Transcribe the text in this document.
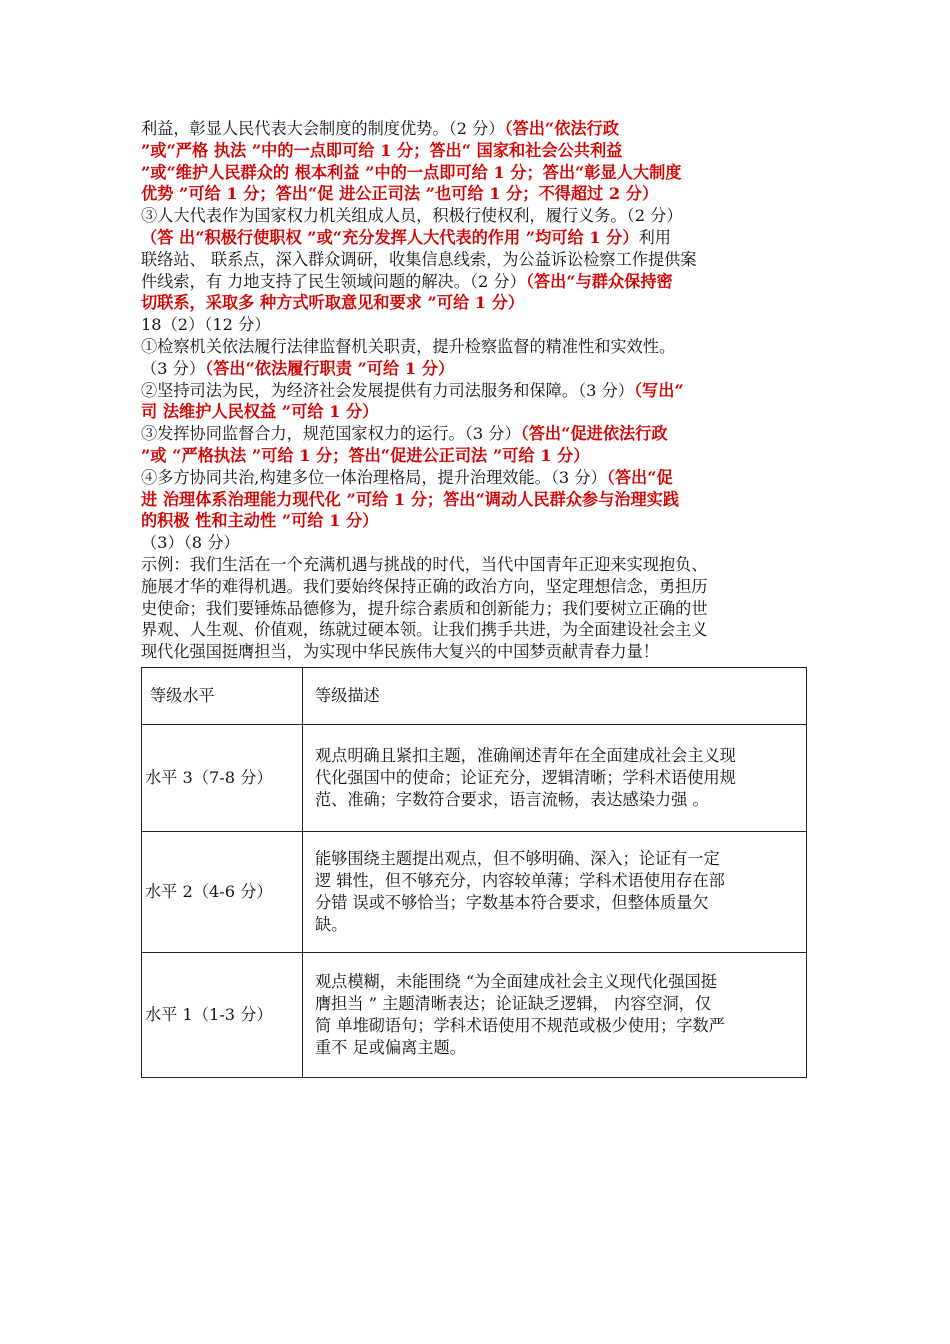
利益，彰显人民代表大会制度的制度优势。（2 分）（答出“依法行政
”或“严格 执法 ”中的一点即可给 1 分；答出“ 国家和社会公共利益
”或“维护人民群众的 根本利益 ”中的一点即可给 1 分；答出“彰显人大制度
优势 ”可给 1 分；答出“促 进公正司法 ”也可给 1 分；不得超过 2 分）
③人大代表作为国家权力机关组成人员，积极行使权利，履行义务。（2 分）
（答 出“积极行使职权 ”或“充分发挥人大代表的作用 ”均可给 1 分）利用
联络站、 联系点，深入群众调研，收集信息线索，为公益诉讼检察工作提供案
件线索，有 力地支持了民生领域问题的解决。（2 分）（答出“与群众保持密
切联系，采取多 种方式听取意见和要求 ”可给 1 分）
18（2）（12 分）
①检察机关依法履行法律监督机关职责，提升检察监督的精准性和实效性。
（3 分）（答出“依法履行职责 ”可给 1 分）
②坚持司法为民，为经济社会发展提供有力司法服务和保障。（3 分）（写出“
司 法维护人民权益 ”可给 1 分）
③发挥协同监督合力，规范国家权力的运行。（3 分）（答出“促进依法行政
”或 “严格执法 ”可给 1 分；答出“促进公正司法 ”可给 1 分）
④多方协同共治,构建多位一体治理格局，提升治理效能。（3 分）（答出“促
进 治理体系治理能力现代化 ”可给 1 分；答出“调动人民群众参与治理实践
的积极 性和主动性 ”可给 1 分）
（3）（8 分）
示例：我们生活在一个充满机遇与挑战的时代，当代中国青年正迎来实现抱负、
施展才华的难得机遇。我们要始终保持正确的政治方向，坚定理想信念，勇担历
史使命；我们要锤炼品德修为，提升综合素质和创新能力；我们要树立正确的世
界观、人生观、价值观，练就过硬本领。让我们携手共进，为全面建设社会主义
现代化强国挺膺担当，为实现中华民族伟大复兴的中国梦贡献青春力量！
等级水平	等级描述
水平 3（7-8 分）	观点明确且紧扣主题，准确阐述青年在全面建成社会主义现
代化强国中的使命；论证充分，逻辑清晰；学科术语使用规
范、准确；字数符合要求，语言流畅，表达感染力强 。

水平 2（4-6 分）	能够围绕主题提出观点，但不够明确、深入；论证有一定
逻 辑性，但不够充分，内容较单薄；学科术语使用存在部
分错 误或不够恰当；字数基本符合要求，但整体质量欠
缺。

水平 1（1-3 分）	观点模糊，未能围绕 “为全面建成社会主义现代化强国挺
膺担当 ” 主题清晰表达；论证缺乏逻辑， 内容空洞，仅
简 单堆砌语句；学科术语使用不规范或极少使用；字数严
重不 足或偏离主题。
